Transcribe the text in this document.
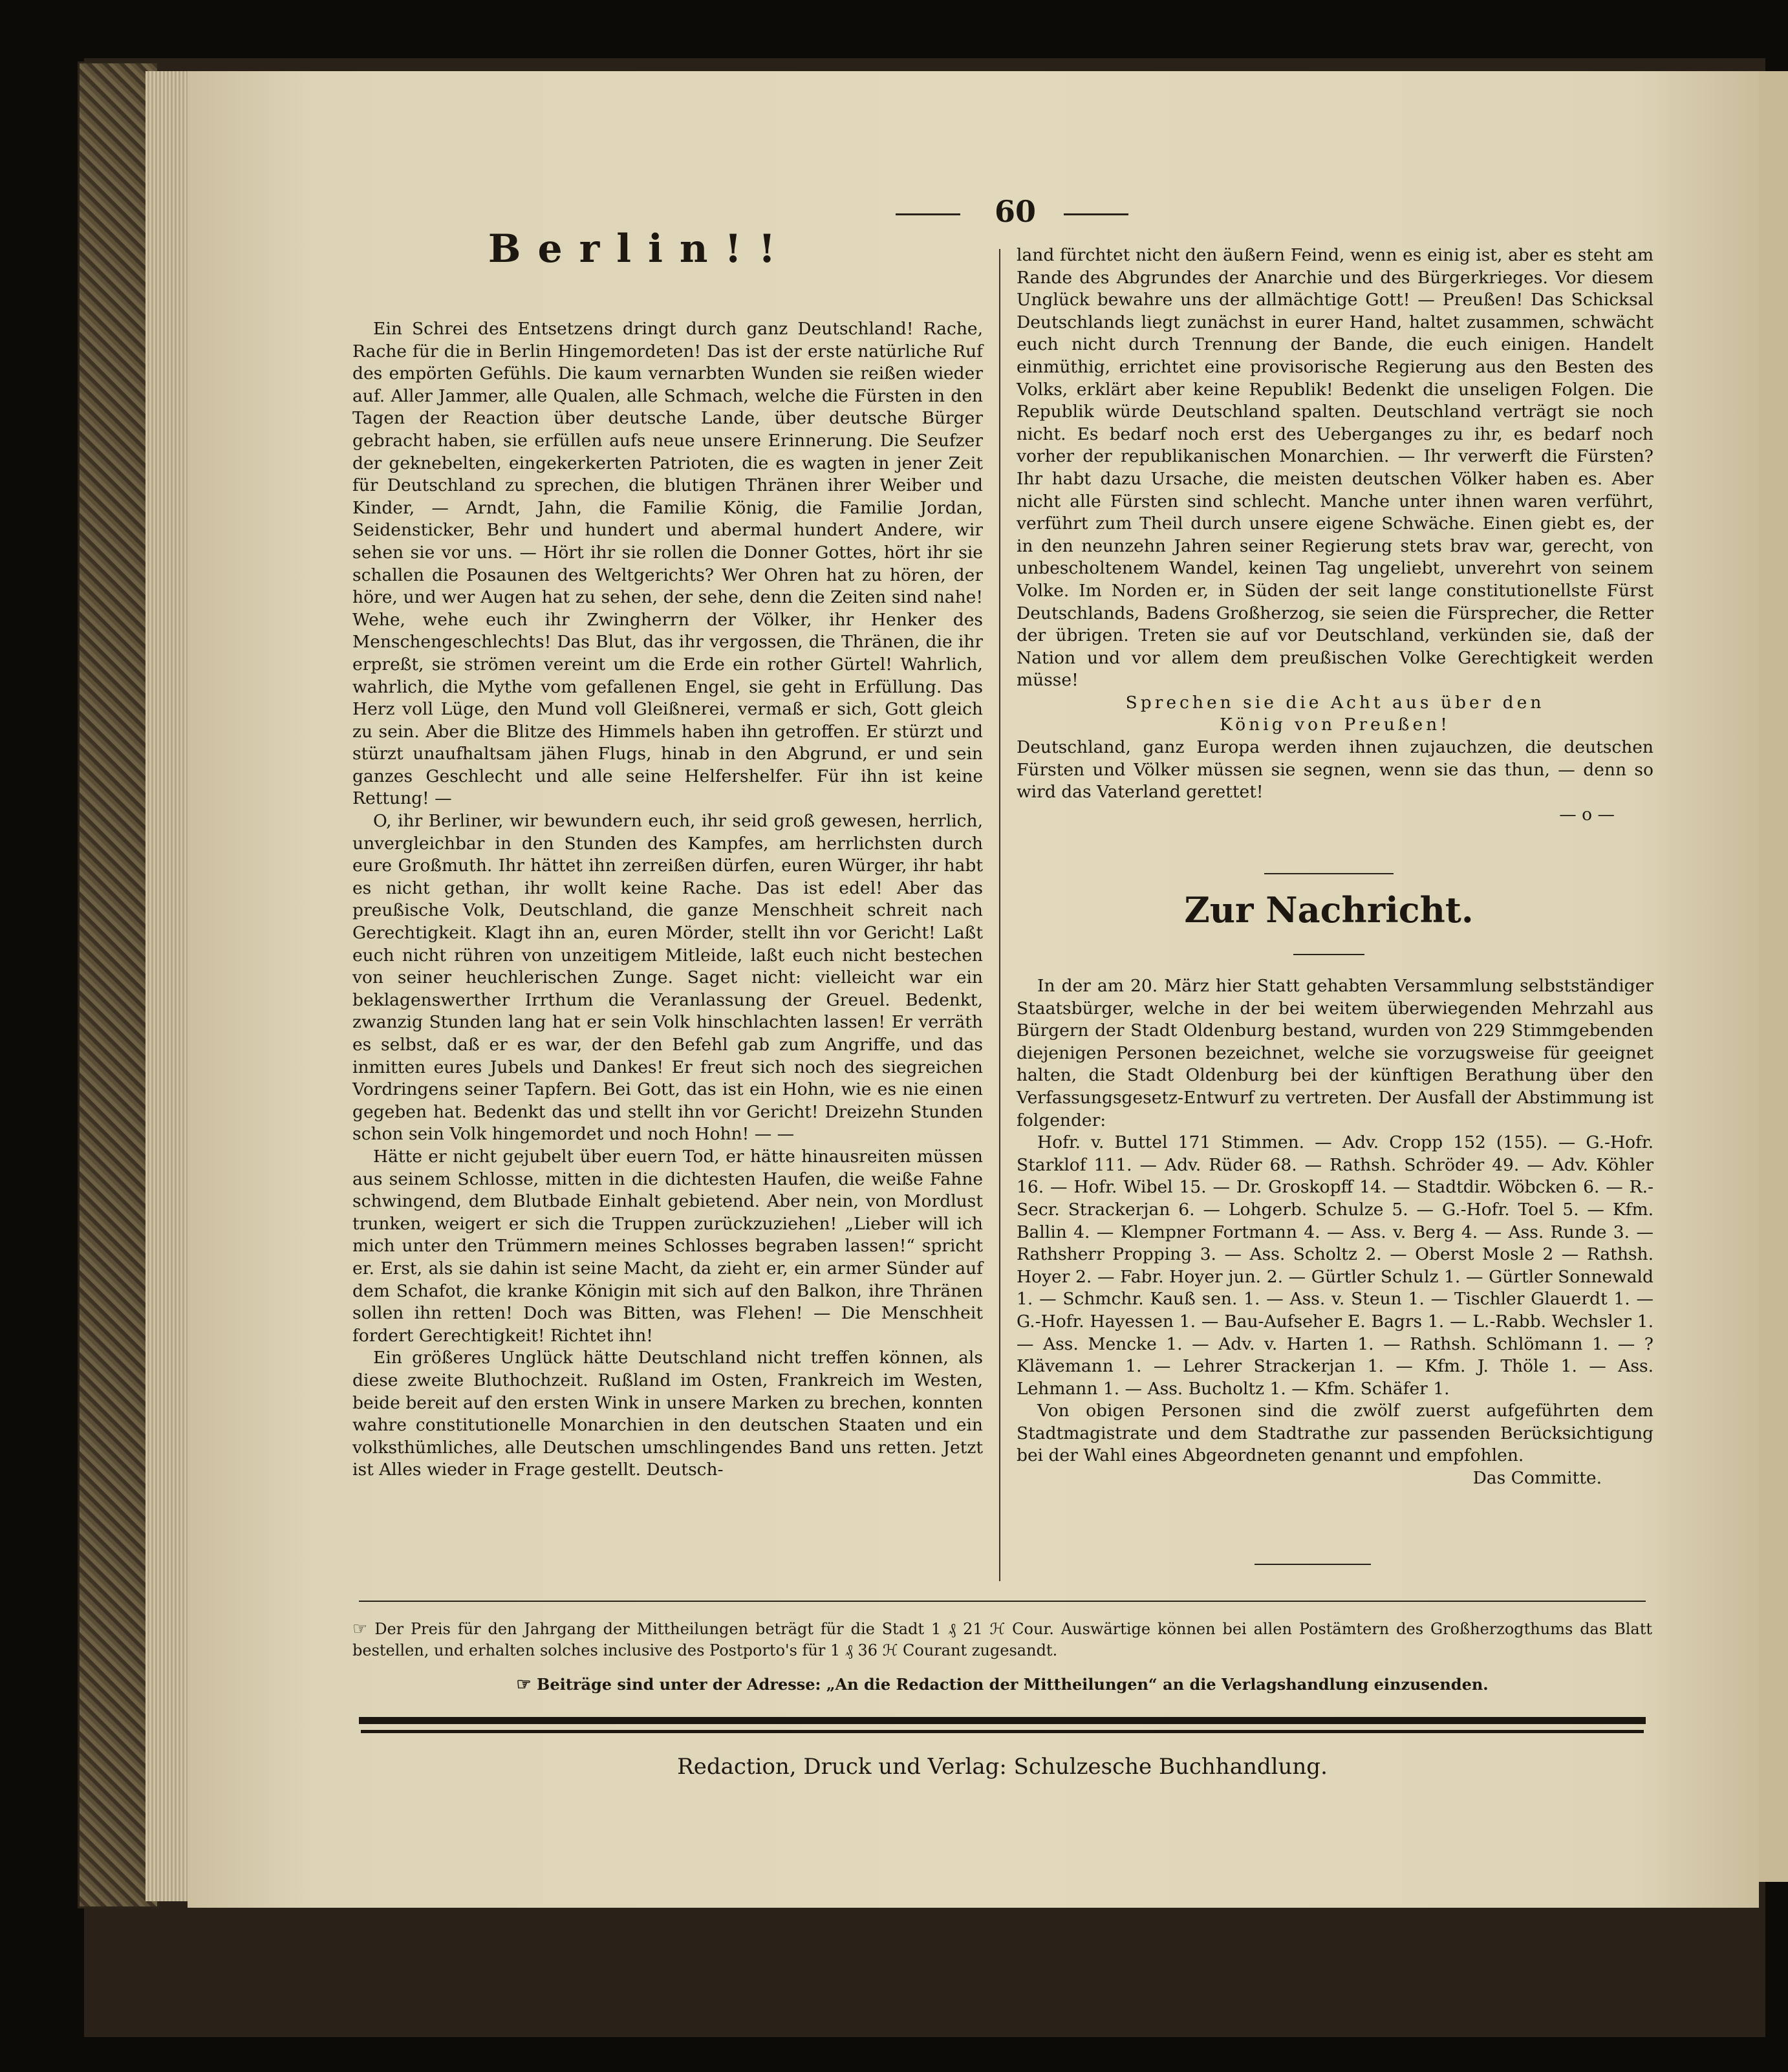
60
Berlin!!

Ein Schrei des Entsetzens dringt durch ganz Deutschland! Rache, Rache für die in Berlin Hingemordeten! Das ist der erste natürliche Ruf des empörten Gefühls. Die kaum vernarbten Wunden sie reißen wieder auf. Aller Jammer, alle Qualen, alle Schmach, welche die Fürsten in den Tagen der Reaction über deutsche Lande, über deutsche Bürger gebracht haben, sie erfüllen aufs neue unsere Erinnerung. Die Seufzer der geknebelten, eingekerkerten Patrioten, die es wagten in jener Zeit für Deutschland zu sprechen, die blutigen Thränen ihrer Weiber und Kinder, — Arndt, Jahn, die Familie König, die Familie Jordan, Seidensticker, Behr und hundert und abermal hundert Andere, wir sehen sie vor uns. — Hört ihr sie rollen die Donner Gottes, hört ihr sie schallen die Posaunen des Weltgerichts? Wer Ohren hat zu hören, der höre, und wer Augen hat zu sehen, der sehe, denn die Zeiten sind nahe! Wehe, wehe euch ihr Zwingherrn der Völker, ihr Henker des Menschengeschlechts! Das Blut, das ihr vergossen, die Thränen, die ihr erpreßt, sie strömen vereint um die Erde ein rother Gürtel! Wahrlich, wahrlich, die Mythe vom gefallenen Engel, sie geht in Erfüllung. Das Herz voll Lüge, den Mund voll Gleißnerei, vermaß er sich, Gott gleich zu sein. Aber die Blitze des Himmels haben ihn getroffen. Er stürzt und stürzt unaufhaltsam jähen Flugs, hinab in den Abgrund, er und sein ganzes Geschlecht und alle seine Helfershelfer. Für ihn ist keine Rettung! —

O, ihr Berliner, wir bewundern euch, ihr seid groß gewesen, herrlich, unvergleichbar in den Stunden des Kampfes, am herrlichsten durch eure Großmuth. Ihr hättet ihn zerreißen dürfen, euren Würger, ihr habt es nicht gethan, ihr wollt keine Rache. Das ist edel! Aber das preußische Volk, Deutschland, die ganze Menschheit schreit nach Gerechtigkeit. Klagt ihn an, euren Mörder, stellt ihn vor Gericht! Laßt euch nicht rühren von unzeitigem Mitleide, laßt euch nicht bestechen von seiner heuchlerischen Zunge. Saget nicht: vielleicht war ein beklagenswerther Irrthum die Veranlassung der Greuel. Bedenkt, zwanzig Stunden lang hat er sein Volk hinschlachten lassen! Er verräth es selbst, daß er es war, der den Befehl gab zum Angriffe, und das inmitten eures Jubels und Dankes! Er freut sich noch des siegreichen Vordringens seiner Tapfern. Bei Gott, das ist ein Hohn, wie es nie einen gegeben hat. Bedenkt das und stellt ihn vor Gericht! Dreizehn Stunden schon sein Volk hingemordet und noch Hohn! — —

Hätte er nicht gejubelt über euern Tod, er hätte hinausreiten müssen aus seinem Schlosse, mitten in die dichtesten Haufen, die weiße Fahne schwingend, dem Blutbade Einhalt gebietend. Aber nein, von Mordlust trunken, weigert er sich die Truppen zurückzuziehen! „Lieber will ich mich unter den Trümmern meines Schlosses begraben lassen!“ spricht er. Erst, als sie dahin ist seine Macht, da zieht er, ein armer Sünder auf dem Schafot, die kranke Königin mit sich auf den Balkon, ihre Thränen sollen ihn retten! Doch was Bitten, was Flehen! — Die Menschheit fordert Gerechtigkeit! Richtet ihn!

Ein größeres Unglück hätte Deutschland nicht treffen können, als diese zweite Bluthochzeit. Rußland im Osten, Frankreich im Westen, beide bereit auf den ersten Wink in unsere Marken zu brechen, konnten wahre constitutionelle Monarchien in den deutschen Staaten und ein volksthümliches, alle Deutschen umschlingendes Band uns retten. Jetzt ist Alles wieder in Frage gestellt. Deutsch-

land fürchtet nicht den äußern Feind, wenn es einig ist, aber es steht am Rande des Abgrundes der Anarchie und des Bürgerkrieges. Vor diesem Unglück bewahre uns der allmächtige Gott! — Preußen! Das Schicksal Deutschlands liegt zunächst in eurer Hand, haltet zusammen, schwächt euch nicht durch Trennung der Bande, die euch einigen. Handelt einmüthig, errichtet eine provisorische Regierung aus den Besten des Volks, erklärt aber keine Republik! Bedenkt die unseligen Folgen. Die Republik würde Deutschland spalten. Deutschland verträgt sie noch nicht. Es bedarf noch erst des Ueberganges zu ihr, es bedarf noch vorher der republikanischen Monarchien. — Ihr verwerft die Fürsten? Ihr habt dazu Ursache, die meisten deutschen Völker haben es. Aber nicht alle Fürsten sind schlecht. Manche unter ihnen waren verführt, verführt zum Theil durch unsere eigene Schwäche. Einen giebt es, der in den neunzehn Jahren seiner Regierung stets brav war, gerecht, von unbescholtenem Wandel, keinen Tag ungeliebt, unverehrt von seinem Volke. Im Norden er, in Süden der seit lange constitutionellste Fürst Deutschlands, Badens Großherzog, sie seien die Fürsprecher, die Retter der übrigen. Treten sie auf vor Deutschland, verkünden sie, daß der Nation und vor allem dem preußischen Volke Gerechtigkeit werden müsse!

Sprechen sie die Acht aus über den

König von Preußen!

Deutschland, ganz Europa werden ihnen zujauchzen, die deutschen Fürsten und Völker müssen sie segnen, wenn sie das thun, — denn so wird das Vaterland gerettet!

— o —

Zur Nachricht.

In der am 20. März hier Statt gehabten Versammlung selbstständiger Staatsbürger, welche in der bei weitem überwiegenden Mehrzahl aus Bürgern der Stadt Oldenburg bestand, wurden von 229 Stimmgebenden diejenigen Personen bezeichnet, welche sie vorzugsweise für geeignet halten, die Stadt Oldenburg bei der künftigen Berathung über den Verfassungsgesetz-Entwurf zu vertreten. Der Ausfall der Abstimmung ist folgender:

Hofr. v. Buttel 171 Stimmen. — Adv. Cropp 152 (155). — G.-Hofr. Starklof 111. — Adv. Rüder 68. — Rathsh. Schröder 49. — Adv. Köhler 16. — Hofr. Wibel 15. — Dr. Groskopff 14. — Stadtdir. Wöbcken 6. — R.-Secr. Strackerjan 6. — Lohgerb. Schulze 5. — G.-Hofr. Toel 5. — Kfm. Ballin 4. — Klempner Fortmann 4. — Ass. v. Berg 4. — Ass. Runde 3. — Rathsherr Propping 3. — Ass. Scholtz 2. — Oberst Mosle 2 — Rathsh. Hoyer 2. — Fabr. Hoyer jun. 2. — Gürtler Schulz 1. — Gürtler Sonnewald 1. — Schmchr. Kauß sen. 1. — Ass. v. Steun 1. — Tischler Glauerdt 1. — G.-Hofr. Hayessen 1. — Bau-Aufseher E. Bagrs 1. — L.-Rabb. Wechsler 1. — Ass. Mencke 1. — Adv. v. Harten 1. — Rathsh. Schlömann 1. — ? Klävemann 1. — Lehrer Strackerjan 1. — Kfm. J. Thöle 1. — Ass. Lehmann 1. — Ass. Bucholtz 1. — Kfm. Schäfer 1.

Von obigen Personen sind die zwölf zuerst aufgeführten dem Stadtmagistrate und dem Stadtrathe zur passenden Berücksichtigung bei der Wahl eines Abgeordneten genannt und empfohlen.

Das Committe.

☞ Der Preis für den Jahrgang der Mittheilungen beträgt für die Stadt 1 ₰ 21 ℋ Cour. Auswärtige können bei allen Postämtern des Großherzogthums das Blatt bestellen, und erhalten solches inclusive des Postporto's für 1 ₰ 36 ℋ Courant zugesandt.
☞ Beiträge sind unter der Adresse: „An die Redaction der Mittheilungen“ an die Verlagshandlung einzusenden.
Redaction, Druck und Verlag: Schulzesche Buchhandlung.
